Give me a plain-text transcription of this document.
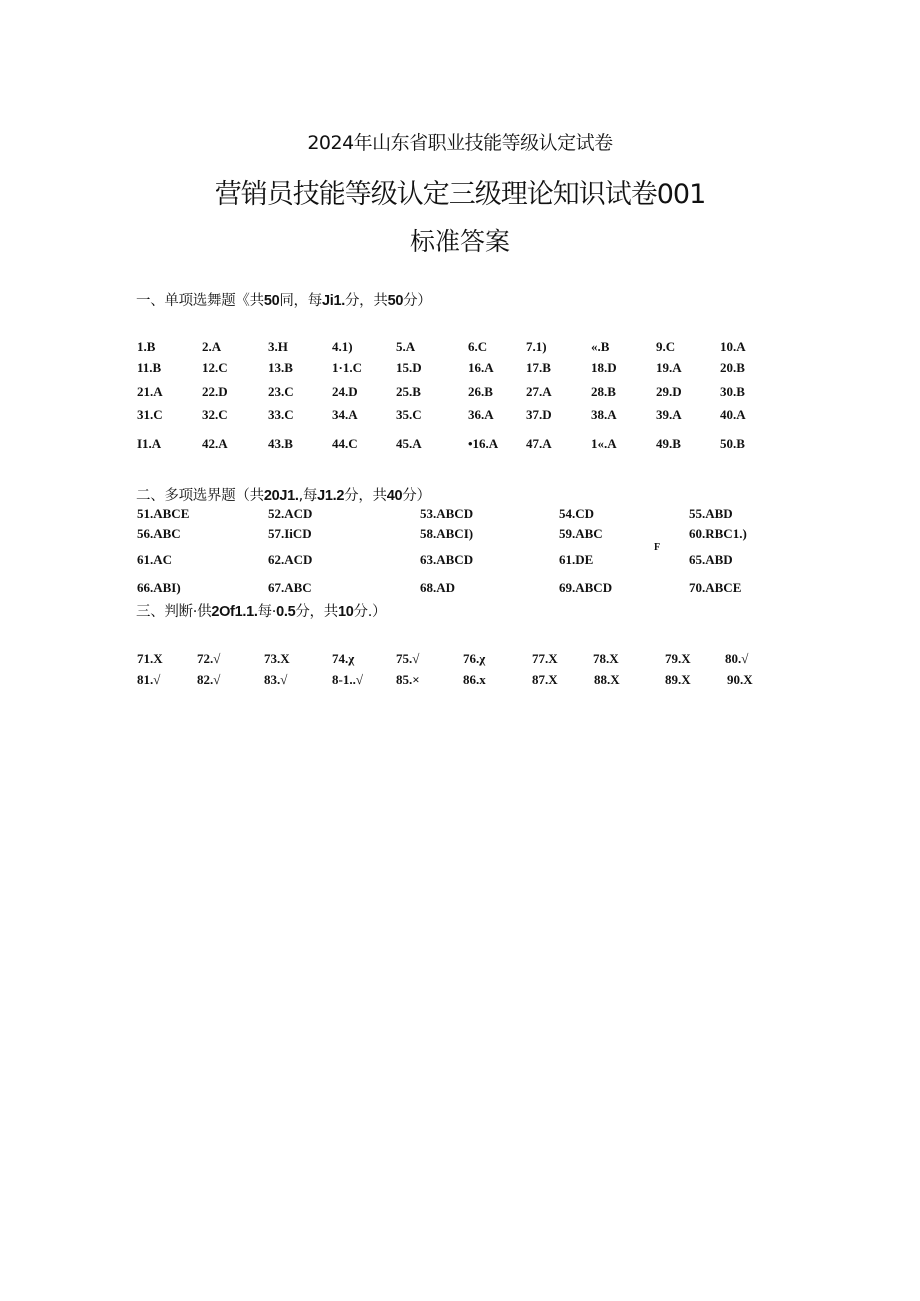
2024年山东省职业技能等级认定试卷
营销员技能等级认定三级理论知识试卷001
标准答案
一、单项选舞题《共50同，每Ji1.分，共50分）
1.B	2.A	3.H	4.1)	5.A	6.C	7.1)	«.B	9.C	10.A
11.B	12.C	13.B	1·1.C	15.D	16.A 17.B	18.D	19.A	20.B
21.A	22.D	23.C	24.D	25.B	26.B	27.A	28.B	29.D	30.B
31.C	32.C	33.C	34.A	35.C	36.A 37.D	38.A	39.A	40.A
I1.A	42.A	43.B	44.C	45.A	•16.A 47.A	1«.A	49.B	50.B
二、多项选界题（共20J1.,每J1.2分，共40分）
51.ABCE	52.ACD	53.ABCD	54.CD	55.ABD
56.ABC	57.IiCD	58.ABCI)	59.ABC	60.RBC1.)
61.AC	62.ACD	63.ABCD	61.DE	65.ABD
66.ABI)	67.ABC	68.AD	69.ABCD	70.ABCE
F
三、判断·供2Of1.1.每·0.5分，共10分.）
71.X	72.√	73.X	74.χ	75.√	76.χ	77.X	78.X	79.X	80.√
81.√	82.√	83.√	8-1..√	85.×	86.x	87.X	88.X	89.X	90.X
